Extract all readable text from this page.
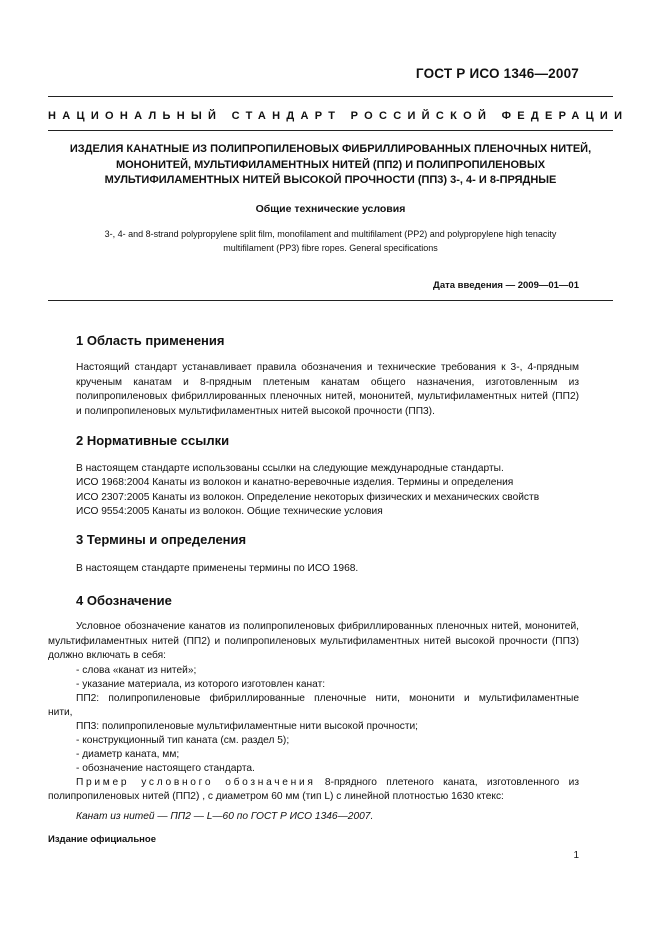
ГОСТ Р ИСО 1346—2007
НАЦИОНАЛЬНЫЙ СТАНДАРТ РОССИЙСКОЙ ФЕДЕРАЦИИ
ИЗДЕЛИЯ КАНАТНЫЕ ИЗ ПОЛИПРОПИЛЕНОВЫХ ФИБРИЛЛИРОВАННЫХ ПЛЕНОЧНЫХ НИТЕЙ,
МОНОНИТЕЙ, МУЛЬТИФИЛАМЕНТНЫХ НИТЕЙ (ПП2) И ПОЛИПРОПИЛЕНОВЫХ
МУЛЬТИФИЛАМЕНТНЫХ НИТЕЙ ВЫСОКОЙ ПРОЧНОСТИ (ПП3) 3-, 4- И 8-ПРЯДНЫЕ
Общие технические условия
3-, 4- and 8-strand polypropylene split film, monofilament and multifilament (PP2) and polypropylene high tenacity
multifilament (PP3) fibre ropes. General specifications
Дата введения — 2009—01—01
1 Область применения
Настоящий стандарт устанавливает правила обозначения и технические требования к 3-, 4-прядным крученым канатам и 8-прядным плетеным канатам общего назначения, изготовленным из полипропиленовых фибриллированных пленочных нитей, мононитей, мультифиламентных нитей (ПП2) и полипропиленовых мультифиламентных нитей высокой прочности (ПП3).
2 Нормативные ссылки
В настоящем стандарте использованы ссылки на следующие международные стандарты.
ИСО 1968:2004 Канаты из волокон и канатно-веревочные изделия. Термины и определения
ИСО 2307:2005 Канаты из волокон. Определение некоторых физических и механических свойств
ИСО 9554:2005 Канаты из волокон. Общие технические условия
3 Термины и определения
В настоящем стандарте применены термины по ИСО 1968.
4 Обозначение
Условное обозначение канатов из полипропиленовых фибриллированных пленочных нитей, мононитей, мультифиламентных нитей (ПП2) и полипропиленовых мультифиламентных нитей высокой прочности (ПП3) должно включать в себя:
- слова «канат из нитей»;
- указание материала, из которого изготовлен канат:
ПП2: полипропиленовые фибриллированные пленочные нити, мононити и мультифиламентные
нити,
ПП3: полипропиленовые мультифиламентные нити высокой прочности;
- конструкционный тип каната (см. раздел 5);
- диаметр каната, мм;
- обозначение настоящего стандарта.
Пример условного обозначения 8-прядного плетеного каната, изготовленного из
полипропиленовых нитей (ПП2) , с диаметром 60 мм (тип L) с линейной плотностью 1630 ктекс:
Канат из нитей — ПП2 — L—60 по ГОСТ Р ИСО 1346—2007.
Издание официальное
1
